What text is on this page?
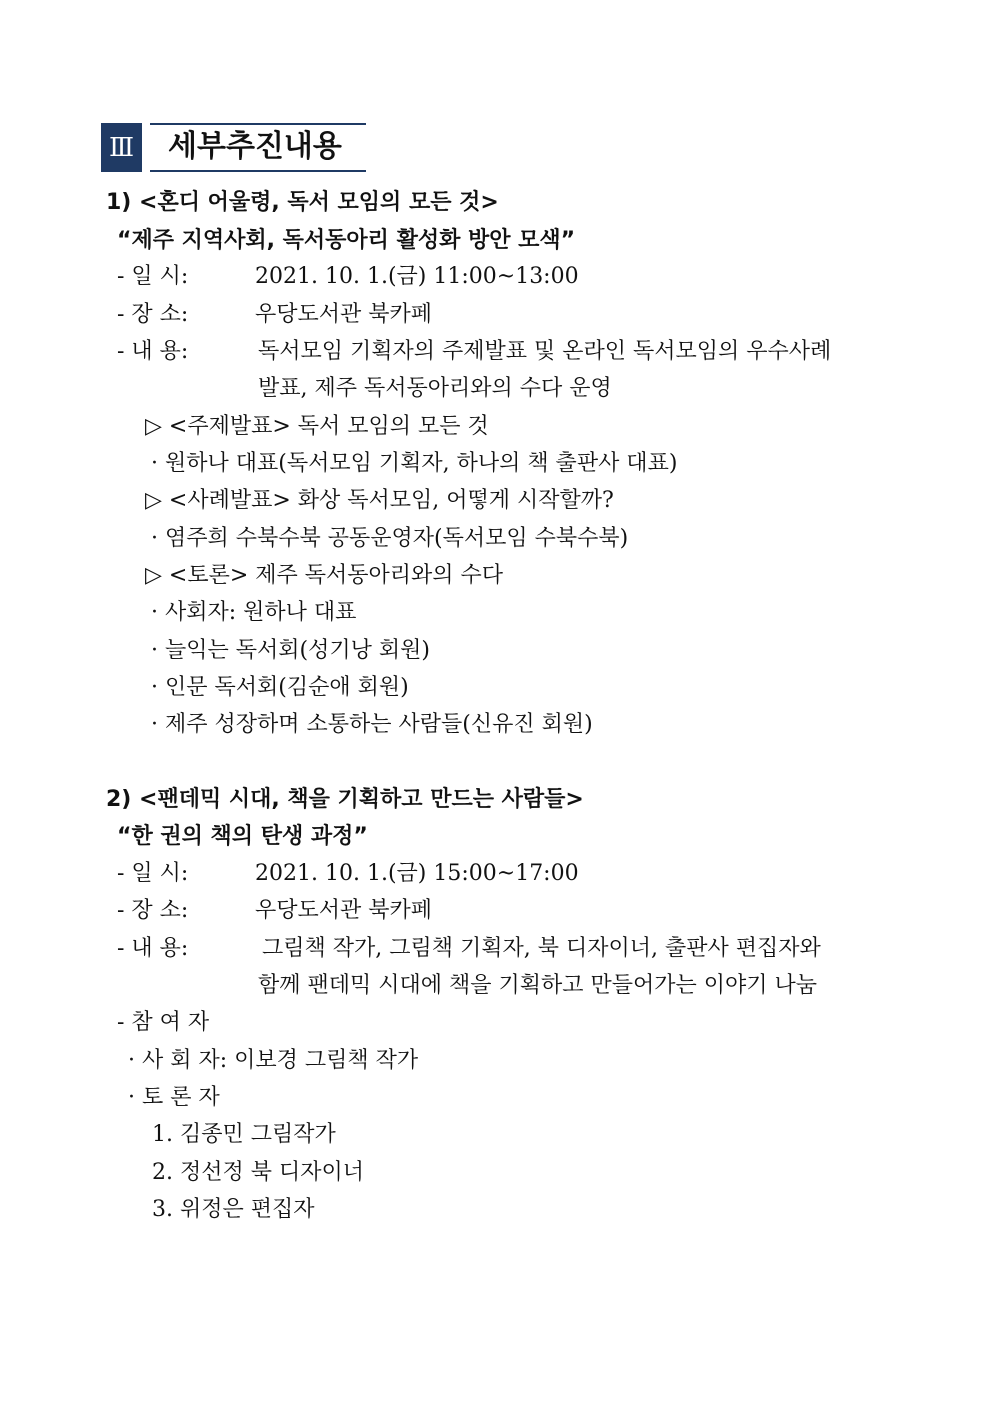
Ⅲ 세부추진내용
1) <혼디 어울령, 독서 모임의 모든 것>
“제주 지역사회, 독서동아리 활성화 방안 모색”
- 일 시:	2021. 10. 1.(금) 11:00~13:00
- 장 소:	우당도서관 북카페
- 내 용:	독서모임 기획자의 주제발표 및 온라인 독서모임의 우수사례
발표, 제주 독서동아리와의 수다 운영
▷ <주제발표> 독서 모임의 모든 것
· 원하나 대표(독서모임 기획자, 하나의 책 출판사 대표)
▷ <사례발표> 화상 독서모임, 어떻게 시작할까?
· 염주희 수북수북 공동운영자(독서모임 수북수북)
▷ <토론> 제주 독서동아리와의 수다
· 사회자: 원하나 대표
· 늘익는 독서회(성기낭 회원)
· 인문 독서회(김순애 회원)
· 제주 성장하며 소통하는 사람들(신유진 회원)
2) <팬데믹 시대, 책을 기획하고 만드는 사람들>
“한 권의 책의 탄생 과정”
- 일 시:	2021. 10. 1.(금) 15:00~17:00
- 장 소:	우당도서관 북카페
- 내 용:	그림책 작가, 그림책 기획자, 북 디자이너, 출판사 편집자와
함께 팬데믹 시대에 책을 기획하고 만들어가는 이야기 나눔
- 참 여 자
· 사 회 자: 이보경 그림책 작가
· 토 론 자
1. 김종민 그림작가
2. 정선정 북 디자이너
3. 위정은 편집자
